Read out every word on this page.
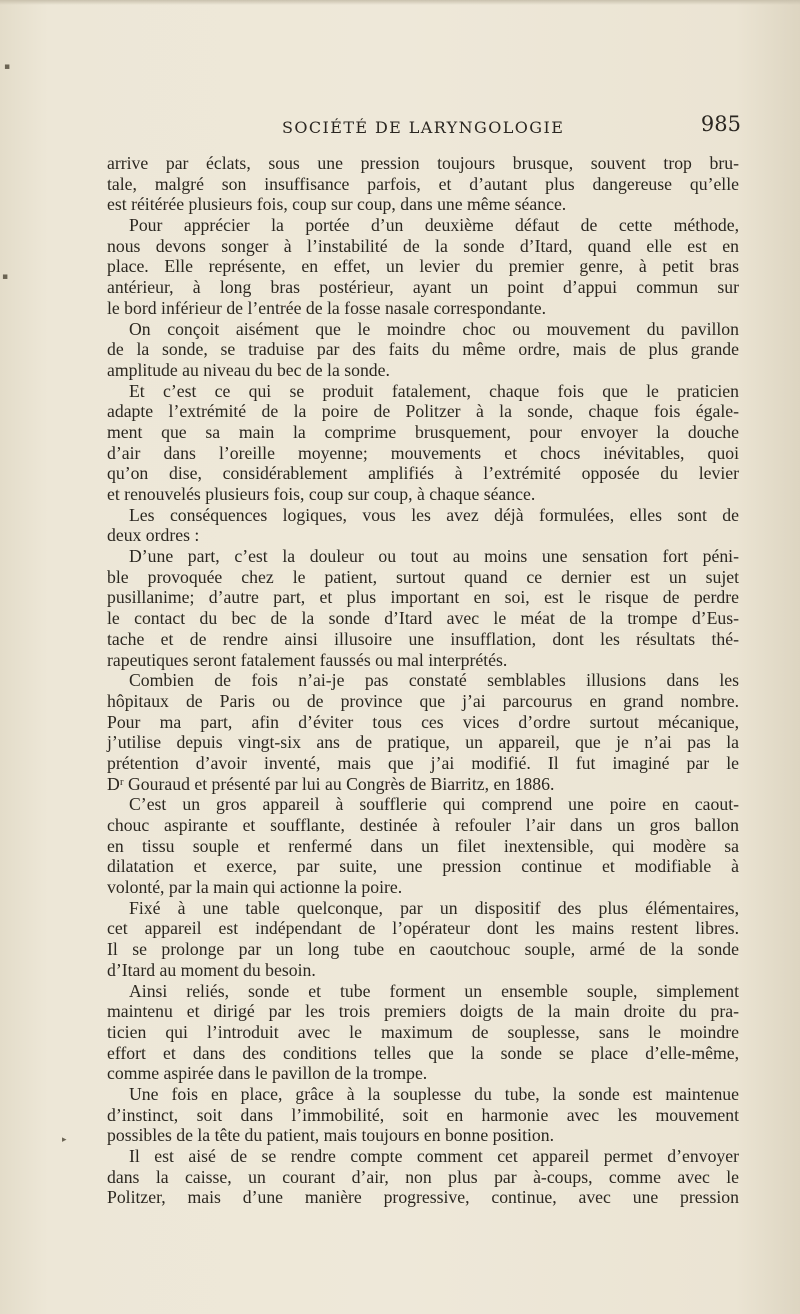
SOCIÉTÉ DE LARYNGOLOGIE	985
arrive par éclats, sous une pression toujours brusque, souvent trop bru-
tale, malgré son insuffisance parfois, et d’autant plus dangereuse qu’elle
est réitérée plusieurs fois, coup sur coup, dans une même séance.
Pour apprécier la portée d’un deuxième défaut de cette méthode,
nous devons songer à l’instabilité de la sonde d’Itard, quand elle est en
place. Elle représente, en effet, un levier du premier genre, à petit bras
antérieur, à long bras postérieur, ayant un point d’appui commun sur
le bord inférieur de l’entrée de la fosse nasale correspondante.
On conçoit aisément que le moindre choc ou mouvement du pavillon
de la sonde, se traduise par des faits du même ordre, mais de plus grande
amplitude au niveau du bec de la sonde.
Et c’est ce qui se produit fatalement, chaque fois que le praticien
adapte l’extrémité de la poire de Politzer à la sonde, chaque fois égale-
ment que sa main la comprime brusquement, pour envoyer la douche
d’air dans l’oreille moyenne; mouvements et chocs inévitables, quoi
qu’on dise, considérablement amplifiés à l’extrémité opposée du levier
et renouvelés plusieurs fois, coup sur coup, à chaque séance.
Les conséquences logiques, vous les avez déjà formulées, elles sont de
deux ordres :
D’une part, c’est la douleur ou tout au moins une sensation fort péni-
ble provoquée chez le patient, surtout quand ce dernier est un sujet
pusillanime; d’autre part, et plus important en soi, est le risque de perdre
le contact du bec de la sonde d’Itard avec le méat de la trompe d’Eus-
tache et de rendre ainsi illusoire une insufflation, dont les résultats thé-
rapeutiques seront fatalement faussés ou mal interprétés.
Combien de fois n’ai-je pas constaté semblables illusions dans les
hôpitaux de Paris ou de province que j’ai parcourus en grand nombre.
Pour ma part, afin d’éviter tous ces vices d’ordre surtout mécanique,
j’utilise depuis vingt-six ans de pratique, un appareil, que je n’ai pas la
prétention d’avoir inventé, mais que j’ai modifié. Il fut imaginé par le
Dʳ Gouraud et présenté par lui au Congrès de Biarritz, en 1886.
C’est un gros appareil à soufflerie qui comprend une poire en caout-
chouc aspirante et soufflante, destinée à refouler l’air dans un gros ballon
en tissu souple et renfermé dans un filet inextensible, qui modère sa
dilatation et exerce, par suite, une pression continue et modifiable à
volonté, par la main qui actionne la poire.
Fixé à une table quelconque, par un dispositif des plus élémentaires,
cet appareil est indépendant de l’opérateur dont les mains restent libres.
Il se prolonge par un long tube en caoutchouc souple, armé de la sonde
d’Itard au moment du besoin.
Ainsi reliés, sonde et tube forment un ensemble souple, simplement
maintenu et dirigé par les trois premiers doigts de la main droite du pra-
ticien qui l’introduit avec le maximum de souplesse, sans le moindre
effort et dans des conditions telles que la sonde se place d’elle-même,
comme aspirée dans le pavillon de la trompe.
Une fois en place, grâce à la souplesse du tube, la sonde est maintenue
d’instinct, soit dans l’immobilité, soit en harmonie avec les mouvement
possibles de la tête du patient, mais toujours en bonne position.
Il est aisé de se rendre compte comment cet appareil permet d’envoyer
dans la caisse, un courant d’air, non plus par à-coups, comme avec le
Politzer, mais d’une manière progressive, continue, avec une pression
▪
▪
▸
